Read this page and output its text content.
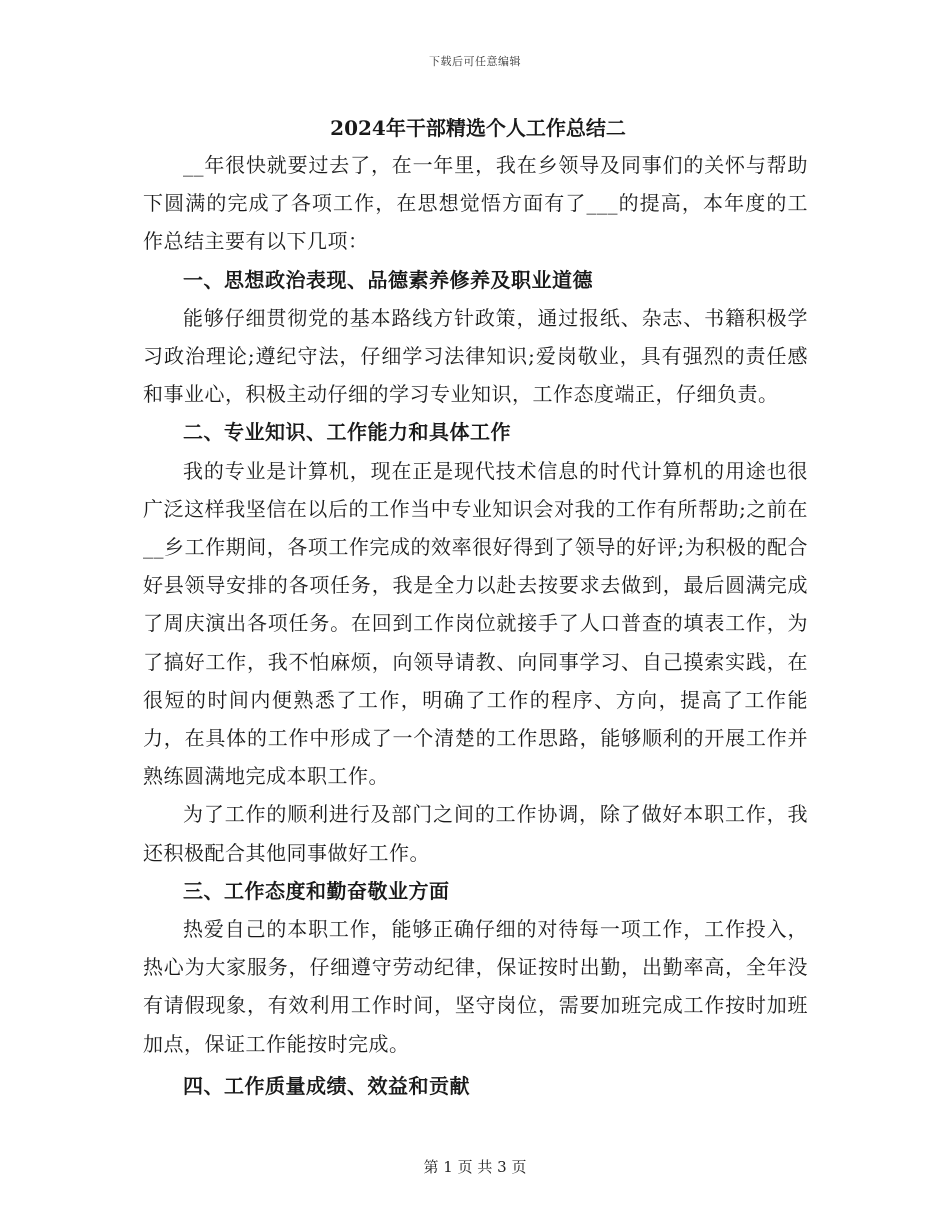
下载后可任意编辑
2024年干部精选个人工作总结二

__年很快就要过去了，在一年里，我在乡领导及同事们的关怀与帮助下圆满的完成了各项工作，在思想觉悟方面有了___的提高，本年度的工作总结主要有以下几项：

一、思想政治表现、品德素养修养及职业道德

能够仔细贯彻党的基本路线方针政策，通过报纸、杂志、书籍积极学习政治理论;遵纪守法，仔细学习法律知识;爱岗敬业，具有强烈的责任感和事业心，积极主动仔细的学习专业知识，工作态度端正，仔细负责。

二、专业知识、工作能力和具体工作

我的专业是计算机，现在正是现代技术信息的时代计算机的用途也很广泛这样我坚信在以后的工作当中专业知识会对我的工作有所帮助;之前在__乡工作期间，各项工作完成的效率很好得到了领导的好评;为积极的配合好县领导安排的各项任务，我是全力以赴去按要求去做到，最后圆满完成了周庆演出各项任务。在回到工作岗位就接手了人口普查的填表工作，为了搞好工作，我不怕麻烦，向领导请教、向同事学习、自己摸索实践，在很短的时间内便熟悉了工作，明确了工作的程序、方向，提高了工作能力，在具体的工作中形成了一个清楚的工作思路，能够顺利的开展工作并熟练圆满地完成本职工作。

为了工作的顺利进行及部门之间的工作协调，除了做好本职工作，我还积极配合其他同事做好工作。

三、工作态度和勤奋敬业方面

热爱自己的本职工作，能够正确仔细的对待每一项工作，工作投入，热心为大家服务，仔细遵守劳动纪律，保证按时出勤，出勤率高，全年没有请假现象，有效利用工作时间，坚守岗位，需要加班完成工作按时加班加点，保证工作能按时完成。

四、工作质量成绩、效益和贡献

第 1 页 共 3 页
